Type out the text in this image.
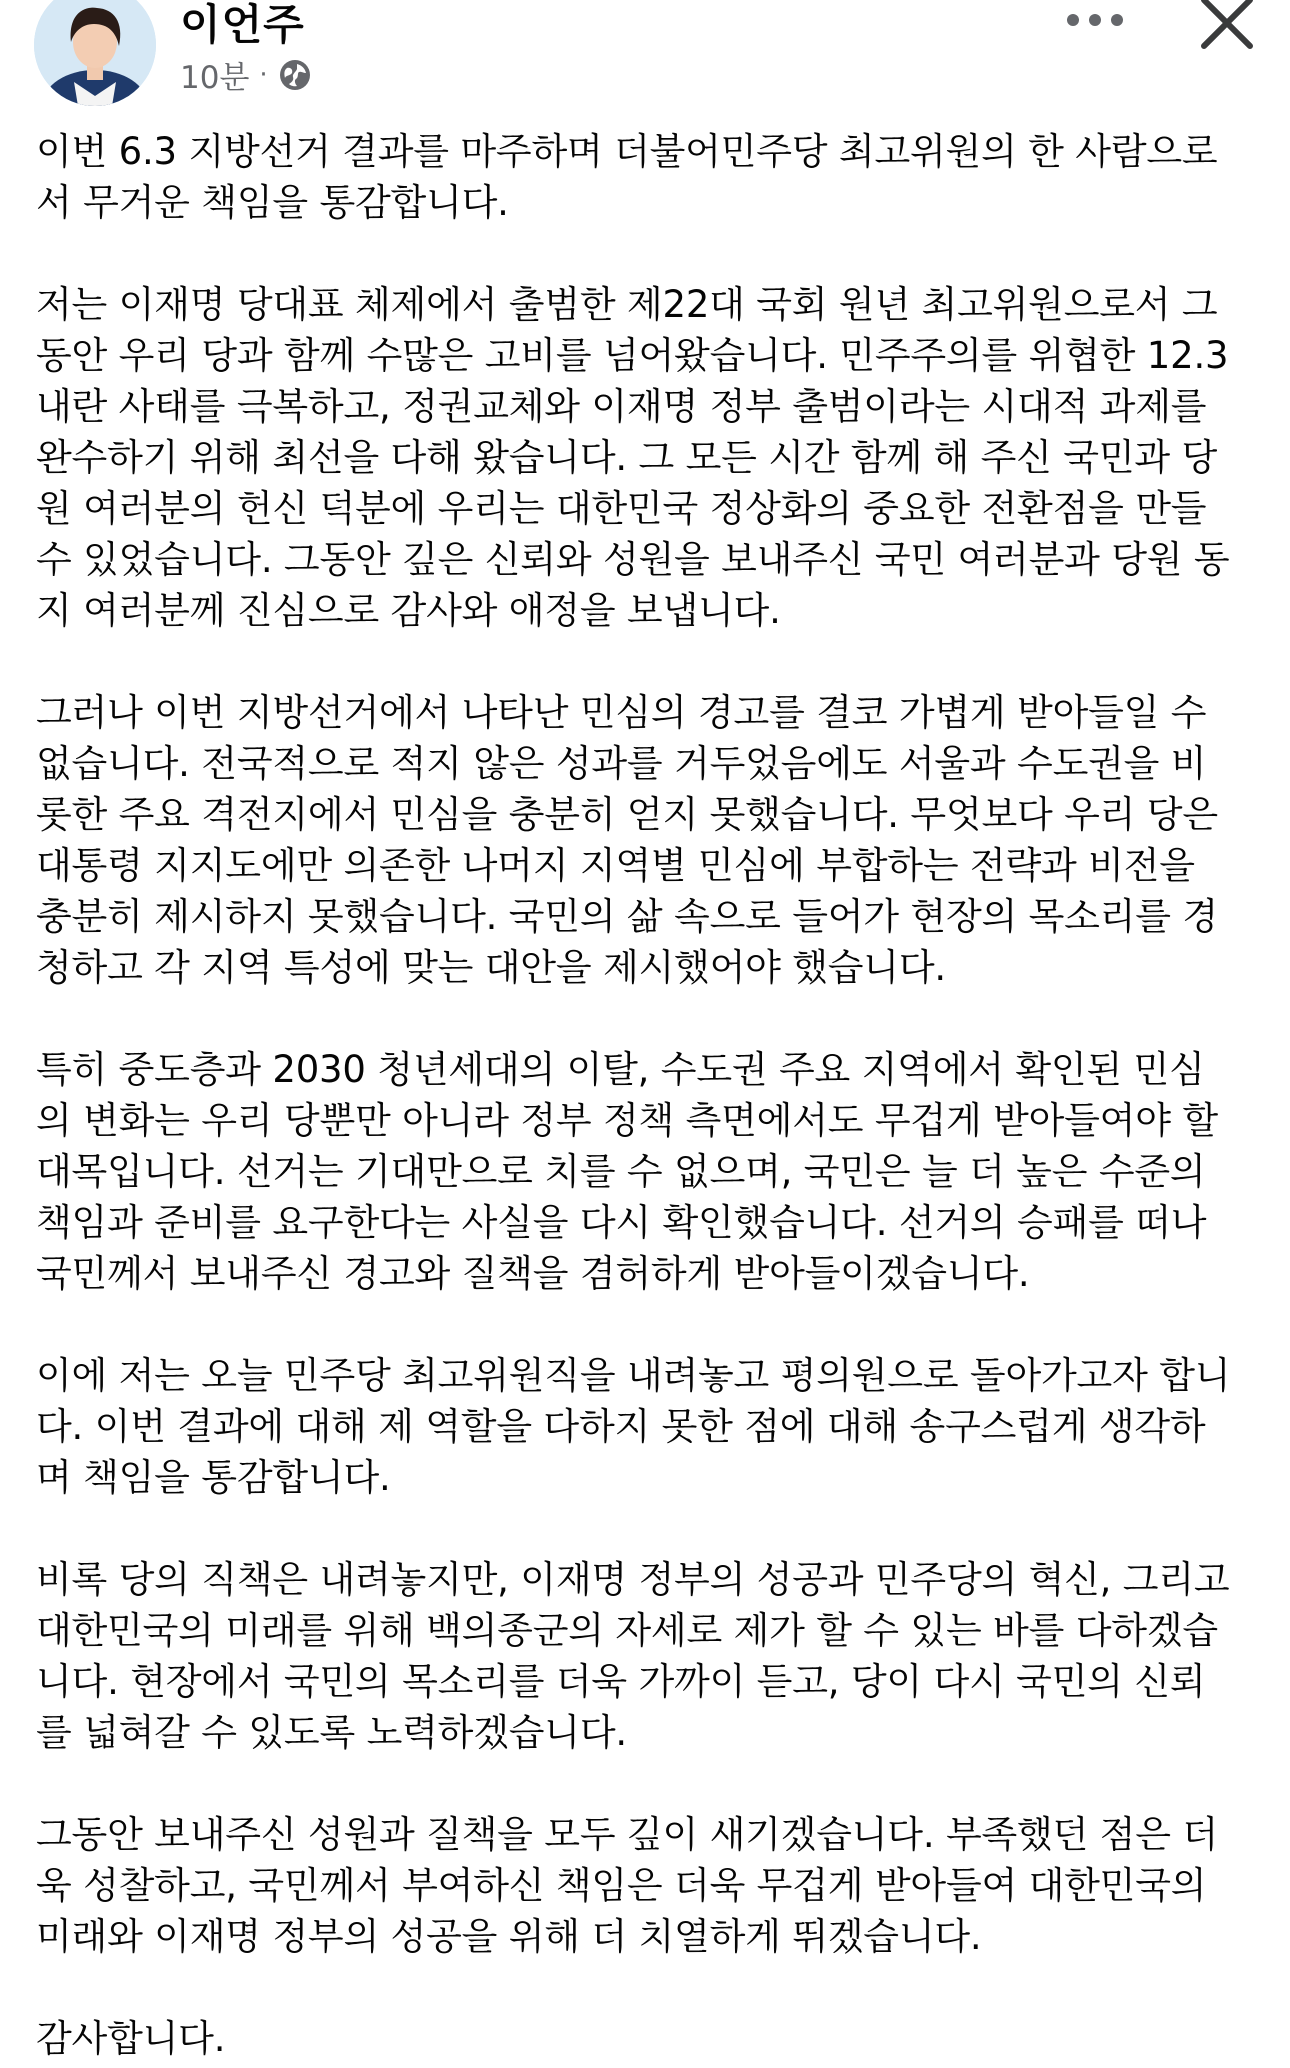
이언주
10분 ·

이번 6.3 지방선거 결과를 마주하며 더불어민주당 최고위원의 한 사람으로
서 무거운 책임을 통감합니다.

저는 이재명 당대표 체제에서 출범한 제22대 국회 원년 최고위원으로서 그
동안 우리 당과 함께 수많은 고비를 넘어왔습니다. 민주주의를 위협한 12.3
내란 사태를 극복하고, 정권교체와 이재명 정부 출범이라는 시대적 과제를
완수하기 위해 최선을 다해 왔습니다. 그 모든 시간 함께 해 주신 국민과 당
원 여러분의 헌신 덕분에 우리는 대한민국 정상화의 중요한 전환점을 만들
수 있었습니다. 그동안 깊은 신뢰와 성원을 보내주신 국민 여러분과 당원 동
지 여러분께 진심으로 감사와 애정을 보냅니다.

그러나 이번 지방선거에서 나타난 민심의 경고를 결코 가볍게 받아들일 수
없습니다. 전국적으로 적지 않은 성과를 거두었음에도 서울과 수도권을 비
롯한 주요 격전지에서 민심을 충분히 얻지 못했습니다. 무엇보다 우리 당은
대통령 지지도에만 의존한 나머지 지역별 민심에 부합하는 전략과 비전을
충분히 제시하지 못했습니다. 국민의 삶 속으로 들어가 현장의 목소리를 경
청하고 각 지역 특성에 맞는 대안을 제시했어야 했습니다.

특히 중도층과 2030 청년세대의 이탈, 수도권 주요 지역에서 확인된 민심
의 변화는 우리 당뿐만 아니라 정부 정책 측면에서도 무겁게 받아들여야 할
대목입니다. 선거는 기대만으로 치를 수 없으며, 국민은 늘 더 높은 수준의
책임과 준비를 요구한다는 사실을 다시 확인했습니다. 선거의 승패를 떠나
국민께서 보내주신 경고와 질책을 겸허하게 받아들이겠습니다.

이에 저는 오늘 민주당 최고위원직을 내려놓고 평의원으로 돌아가고자 합니
다. 이번 결과에 대해 제 역할을 다하지 못한 점에 대해 송구스럽게 생각하
며 책임을 통감합니다.

비록 당의 직책은 내려놓지만, 이재명 정부의 성공과 민주당의 혁신, 그리고
대한민국의 미래를 위해 백의종군의 자세로 제가 할 수 있는 바를 다하겠습
니다. 현장에서 국민의 목소리를 더욱 가까이 듣고, 당이 다시 국민의 신뢰
를 넓혀갈 수 있도록 노력하겠습니다.

그동안 보내주신 성원과 질책을 모두 깊이 새기겠습니다. 부족했던 점은 더
욱 성찰하고, 국민께서 부여하신 책임은 더욱 무겁게 받아들여 대한민국의
미래와 이재명 정부의 성공을 위해 더 치열하게 뛰겠습니다.

감사합니다.
